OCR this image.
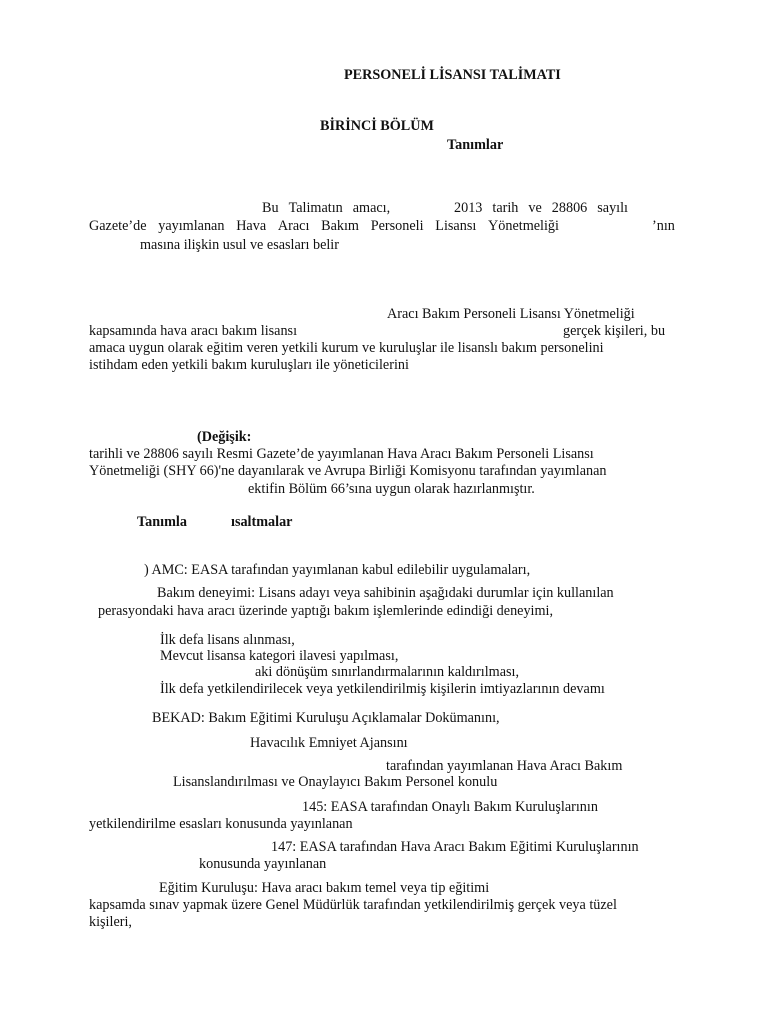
PERSONELİ LİSANSI TALİMATI
BİRİNCİ BÖLÜM
Tanımlar
Bu Talimatın amacı,	2013 tarih ve 28806 sayılı
Gazete’de yayımlanan Hava Aracı Bakım Personeli Lisansı Yönetmeliği	’nın
masına ilişkin usul ve esasları belir
Aracı Bakım Personeli Lisansı Yönetmeliği
kapsamında hava aracı bakım lisansı	gerçek kişileri, bu
amaca uygun olarak eğitim veren yetkili kurum ve kuruluşlar ile lisanslı bakım personelini
istihdam eden yetkili bakım kuruluşları ile yöneticilerini
(Değişik:
tarihli ve 28806 sayılı Resmi Gazete’de yayımlanan Hava Aracı Bakım Personeli Lisansı
Yönetmeliği (SHY 66)'ne dayanılarak ve Avrupa Birliği Komisyonu tarafından yayımlanan
ektifin Bölüm 66’sına uygun olarak hazırlanmıştır.
Tanımla	ısaltmalar
) AMC: EASA tarafından yayımlanan kabul edilebilir uygulamaları,
Bakım deneyimi: Lisans adayı veya sahibinin aşağıdaki durumlar için kullanılan
perasyondaki hava aracı üzerinde yaptığı bakım işlemlerinde edindiği deneyimi,
İlk defa lisans alınması,
Mevcut lisansa kategori ilavesi yapılması,
aki dönüşüm sınırlandırmalarının kaldırılması,
İlk defa yetkilendirilecek veya yetkilendirilmiş kişilerin imtiyazlarının devamı
BEKAD: Bakım Eğitimi Kuruluşu Açıklamalar Dokümanını,
Havacılık Emniyet Ajansını
tarafından yayımlanan Hava Aracı Bakım
Lisanslandırılması ve Onaylayıcı Bakım Personel konulu
145: EASA tarafından Onaylı Bakım Kuruluşlarının
yetkilendirilme esasları konusunda yayınlanan
147: EASA tarafından Hava Aracı Bakım Eğitimi Kuruluşlarının
konusunda yayınlanan
Eğitim Kuruluşu: Hava aracı bakım temel veya tip eğitimi
kapsamda sınav yapmak üzere Genel Müdürlük tarafından yetkilendirilmiş gerçek veya tüzel
kişileri,
